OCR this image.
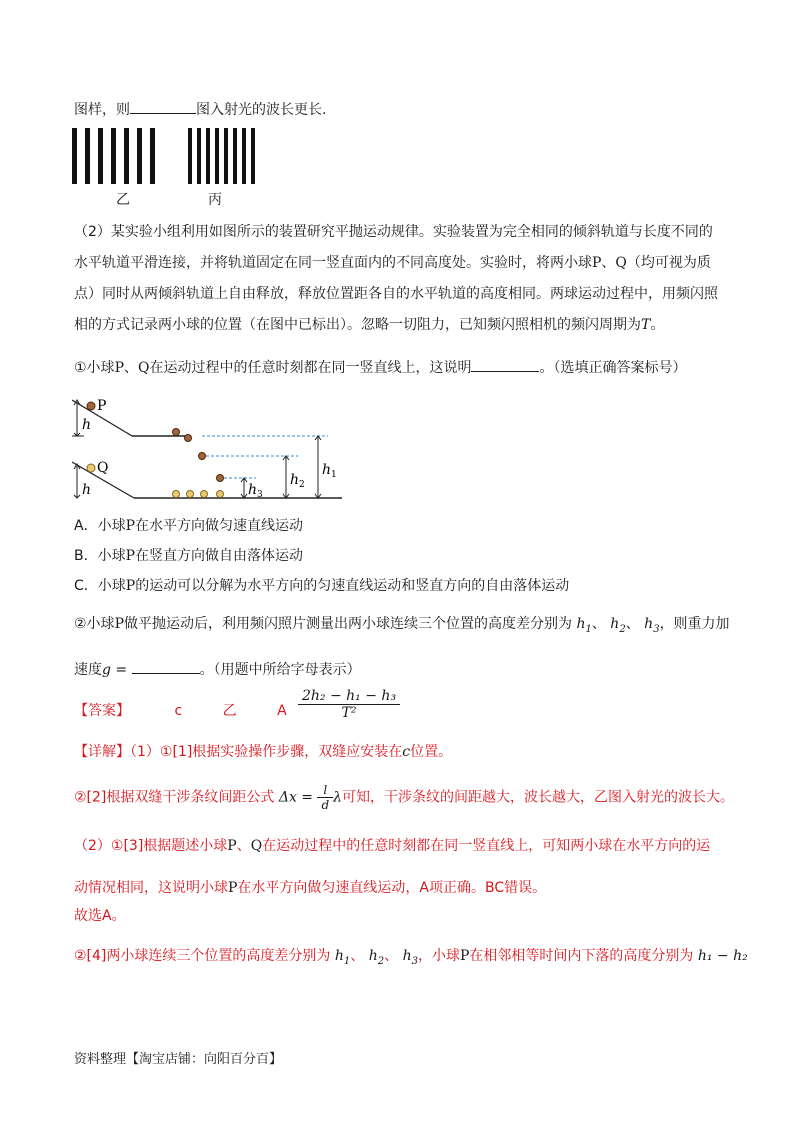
图样，则	图入射光的波长更长.
乙	丙
（2）某实验小组利用如图所示的装置研究平抛运动规律。实验装置为完全相同的倾斜轨道与长度不同的
水平轨道平滑连接，并将轨道固定在同一竖直面内的不同高度处。实验时，将两小球P、Q（均可视为质
点）同时从两倾斜轨道上自由释放，释放位置距各自的水平轨道的高度相同。两球运动过程中，用频闪照
相的方式记录两小球的位置（在图中已标出）。忽略一切阻力，已知频闪照相机的频闪周期为T。
①小球P、Q在运动过程中的任意时刻都在同一竖直线上，这说明	。（选填正确答案标号）
h
P
h
Q
$h_3$
$h_2$
$h_1$
A．小球P在水平方向做匀速直线运动
B．小球P在竖直方向做自由落体运动
C．小球P的运动可以分解为水平方向的匀速直线运动和竖直方向的自由落体运动
②小球P做平抛运动后，利用频闪照片测量出两小球连续三个位置的高度差分别为 $h_1$、 $h_2$、 $h_3$，则重力加
速度g =	。（用题中所给字母表示）
【答案】	c	乙	A $\frac{\text{2h₂ − h₁ − h₃}}{\text{T²}}$
【详解】（1）①[1]根据实验操作步骤，双缝应安装在c位置。
②[2]根据双缝干涉条纹间距公式 $\Delta x = \frac{l}{d}$ λ可知，干涉条纹的间距越大，波长越大，乙图入射光的波长大。
（2）①[3]根据题述小球P、Q在运动过程中的任意时刻都在同一竖直线上，可知两小球在水平方向的运
动情况相同，这说明小球P在水平方向做匀速直线运动，A项正确。BC错误。
故选A。
②[4]两小球连续三个位置的高度差分别为 $h_1$、 $h_2$、 $h_3$，小球P在相邻相等时间内下落的高度分别为 h₁ − h₂
资料整理【淘宝店铺：向阳百分百】
